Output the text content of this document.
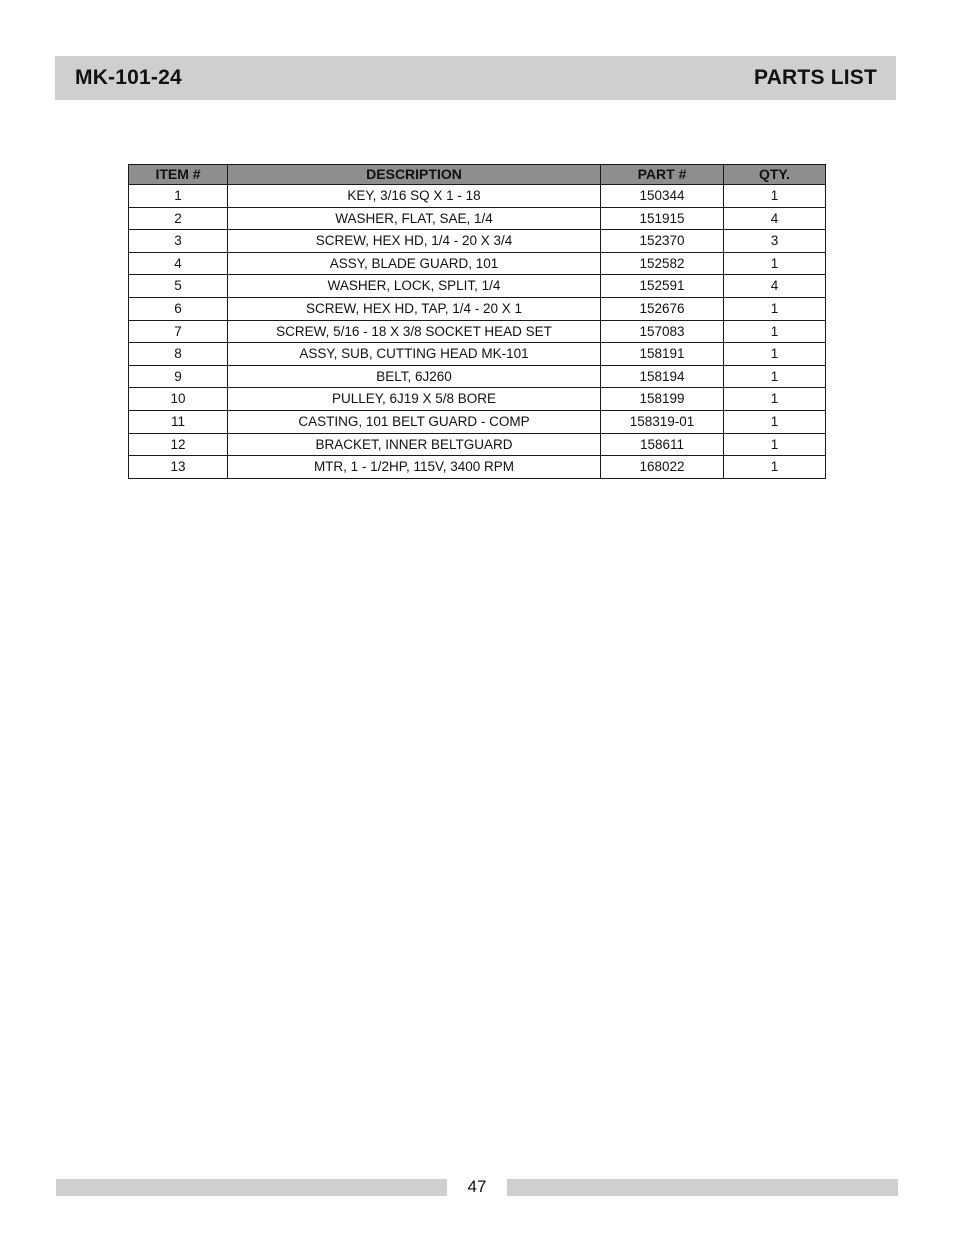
MK-101-24	PARTS LIST
ITEM #	DESCRIPTION	PART #	QTY.
1	KEY, 3/16 SQ X 1 - 18	150344	1
2	WASHER, FLAT, SAE, 1/4	151915	4
3	SCREW, HEX HD, 1/4 - 20 X 3/4	152370	3
4	ASSY, BLADE GUARD, 101	152582	1
5	WASHER, LOCK, SPLIT, 1/4	152591	4
6	SCREW, HEX HD, TAP, 1/4 - 20 X 1	152676	1
7	SCREW, 5/16 - 18 X 3/8 SOCKET HEAD SET	157083	1
8	ASSY, SUB, CUTTING HEAD MK-101	158191	1
9	BELT, 6J260	158194	1
10	PULLEY, 6J19 X 5/8 BORE	158199	1
11	CASTING, 101 BELT GUARD - COMP	158319-01	1
12	BRACKET, INNER BELTGUARD	158611	1
13	MTR, 1 - 1/2HP, 115V, 3400 RPM	168022	1
47
